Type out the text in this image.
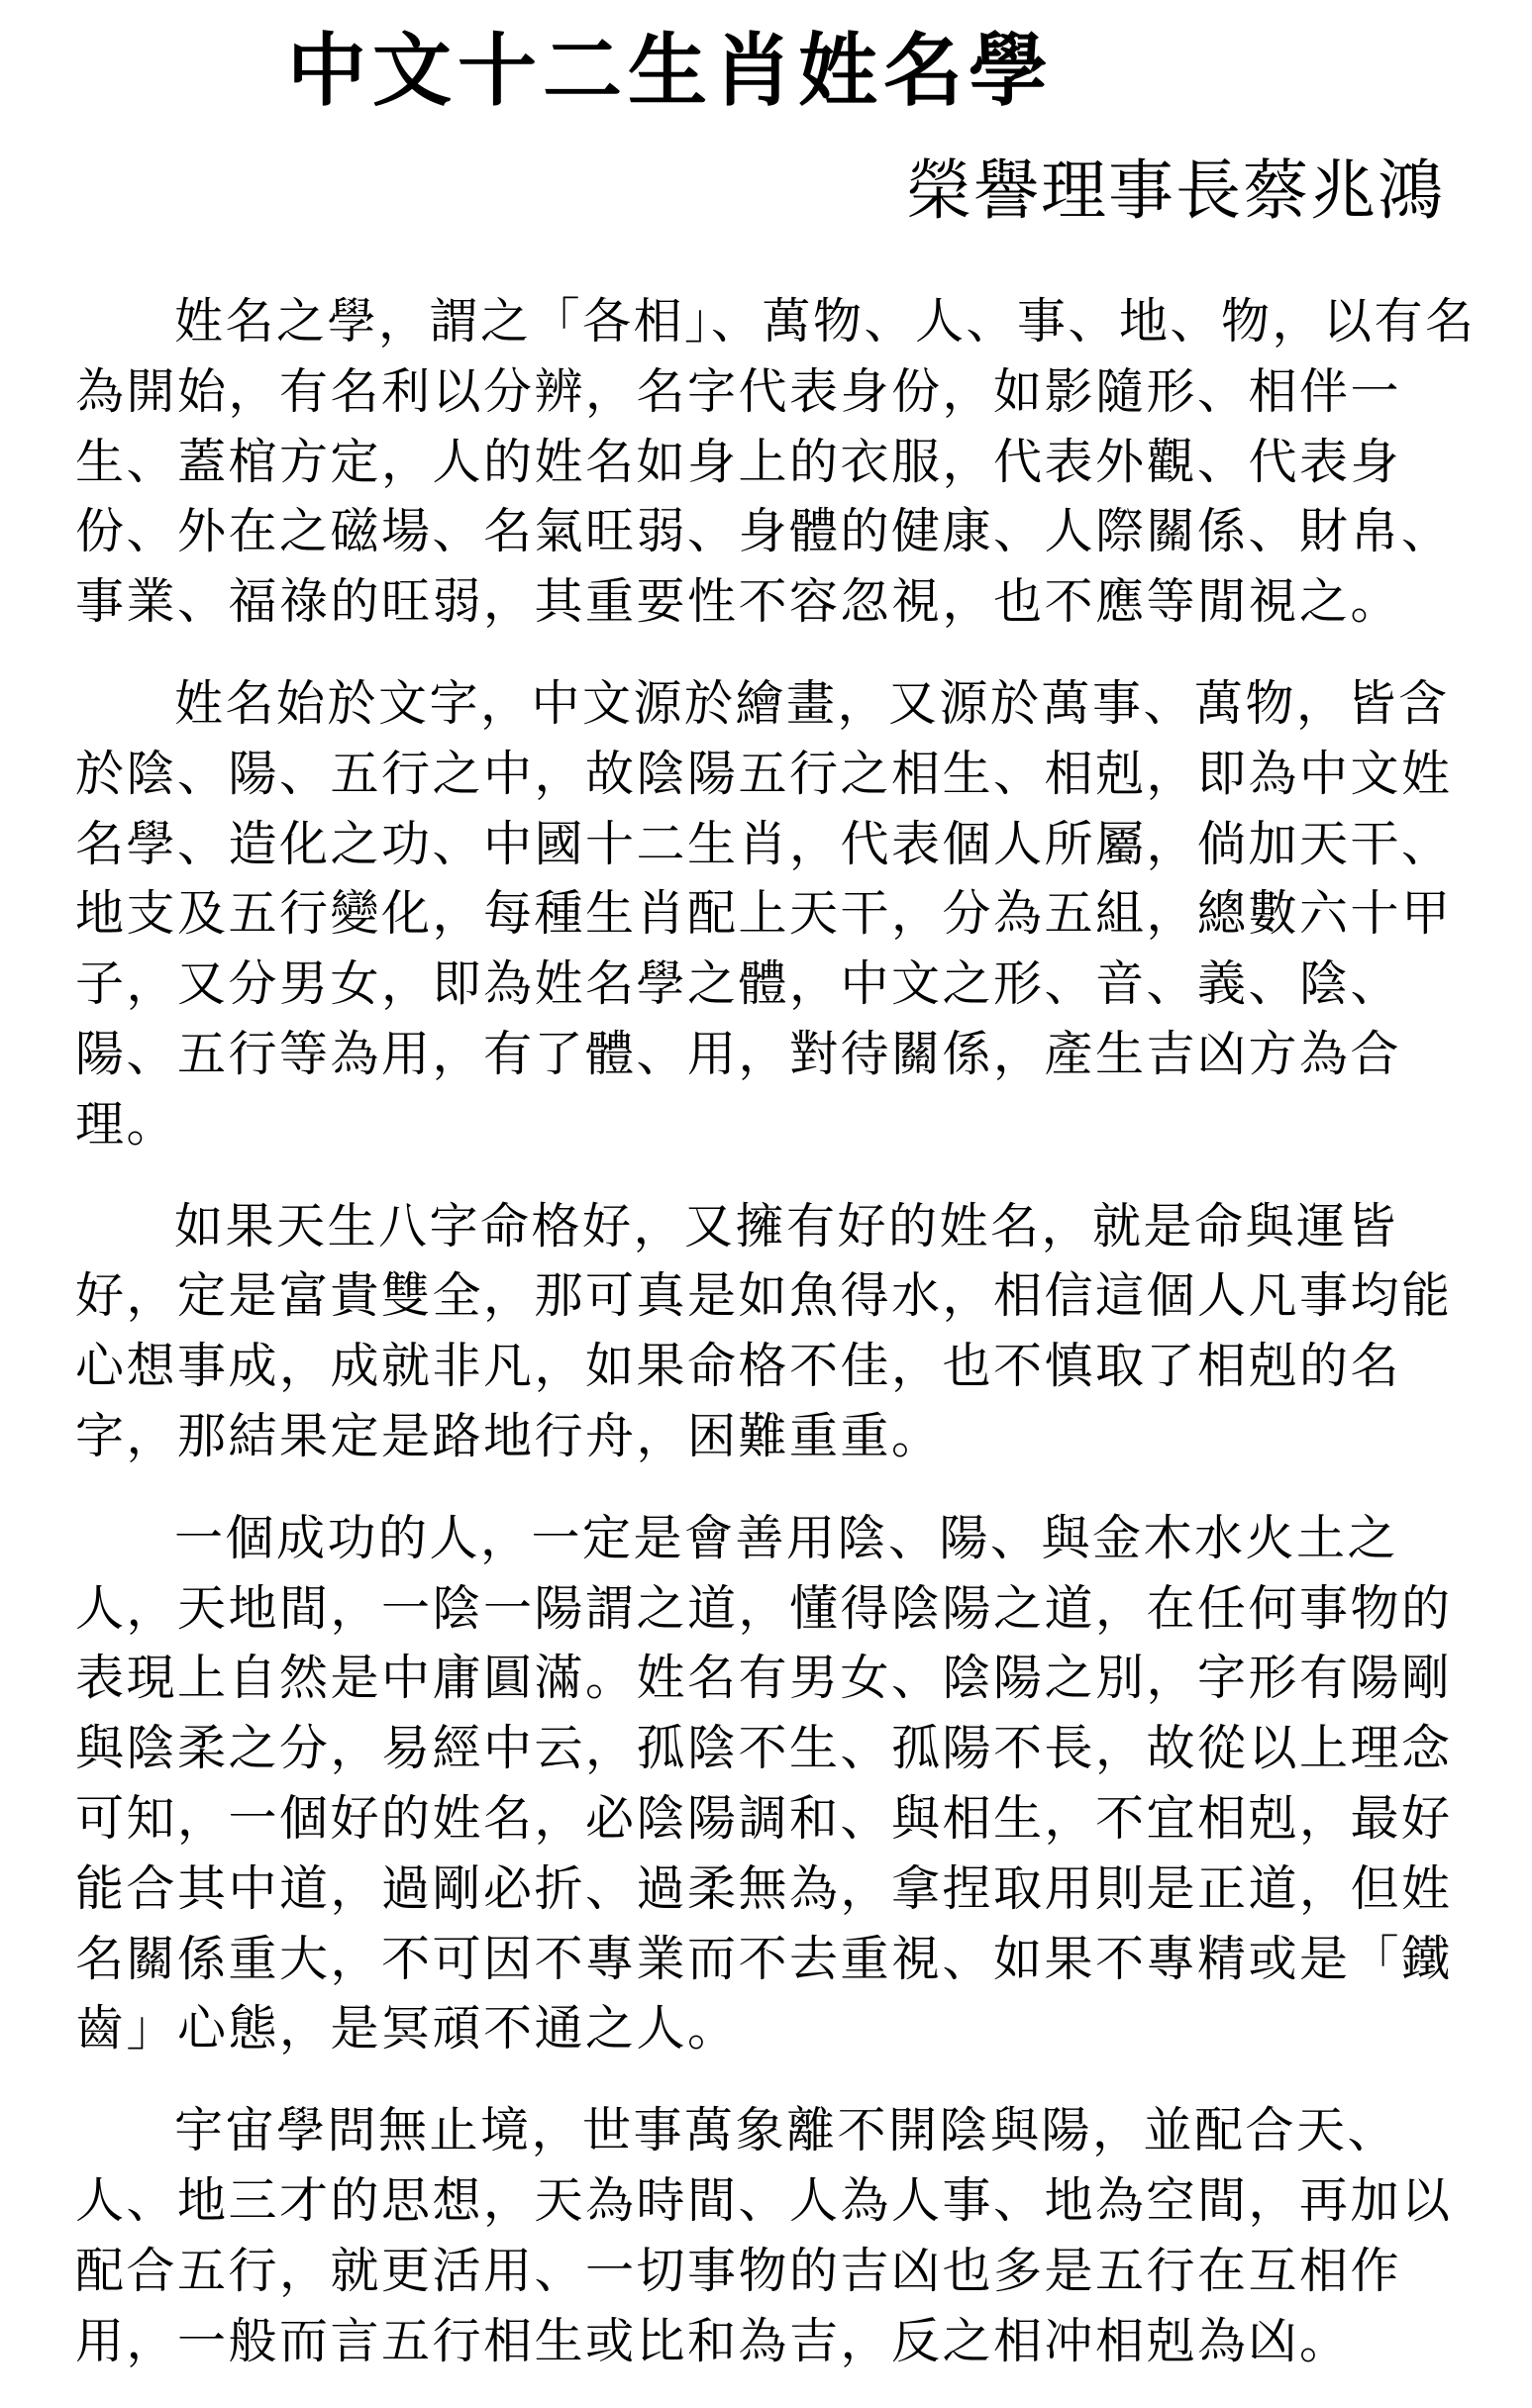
中文十二生肖姓名學
榮譽理事長蔡兆鴻
姓名之學，謂之「各相」、萬物、人、事、地、物，以有名
為開始，有名利以分辨，名字代表身份，如影隨形、相伴一
生、蓋棺方定，人的姓名如身上的衣服，代表外觀、代表身
份、外在之磁場、名氣旺弱、身體的健康、人際關係、財帛、
事業、福祿的旺弱，其重要性不容忽視，也不應等閒視之。
姓名始於文字，中文源於繪畫，又源於萬事、萬物，皆含
於陰、陽、五行之中，故陰陽五行之相生、相剋，即為中文姓
名學、造化之功、中國十二生肖，代表個人所屬，倘加天干、
地支及五行變化，每種生肖配上天干，分為五組，總數六十甲
子，又分男女，即為姓名學之體，中文之形、音、義、陰、
陽、五行等為用，有了體、用，對待關係，產生吉凶方為合
理。
如果天生八字命格好，又擁有好的姓名，就是命與運皆
好，定是富貴雙全，那可真是如魚得水，相信這個人凡事均能
心想事成，成就非凡，如果命格不佳，也不慎取了相剋的名
字，那結果定是路地行舟，困難重重。
一個成功的人，一定是會善用陰、陽、與金木水火土之
人，天地間，一陰一陽謂之道，懂得陰陽之道，在任何事物的
表現上自然是中庸圓滿。姓名有男女、陰陽之別，字形有陽剛
與陰柔之分，易經中云，孤陰不生、孤陽不長，故從以上理念
可知，一個好的姓名，必陰陽調和、與相生，不宜相剋，最好
能合其中道，過剛必折、過柔無為，拿捏取用則是正道，但姓
名關係重大，不可因不專業而不去重視、如果不專精或是「鐵
齒」心態，是冥頑不通之人。
宇宙學問無止境，世事萬象離不開陰與陽，並配合天、
人、地三才的思想，天為時間、人為人事、地為空間，再加以
配合五行，就更活用、一切事物的吉凶也多是五行在互相作
用，一般而言五行相生或比和為吉，反之相冲相剋為凶。
